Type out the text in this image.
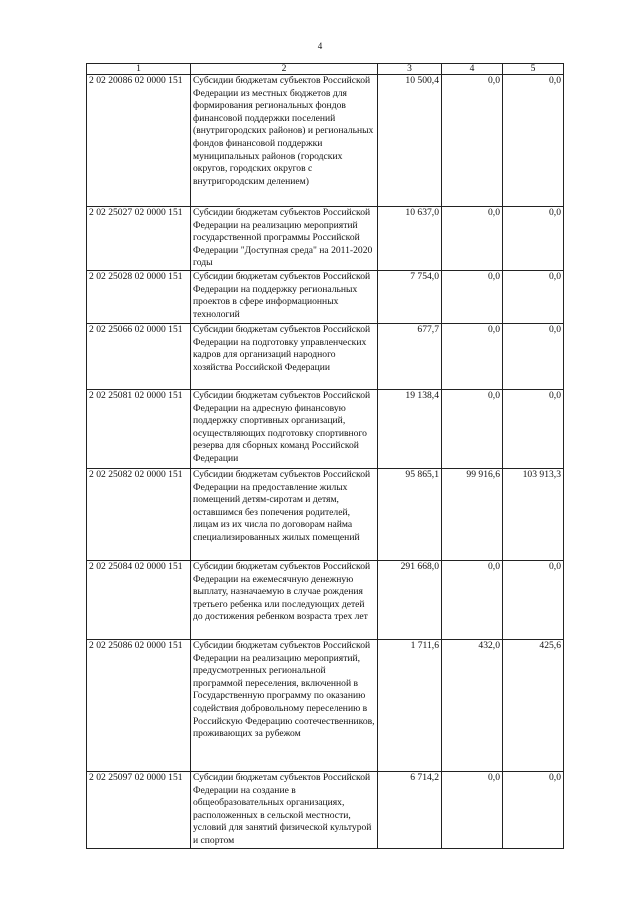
4
1	2	3	4	5
2 02 20086 02 0000 151	Субсидии бюджетам субъектов Российской Федерации из местных бюджетов для формирования региональных фондов финансовой поддержки поселений (внутригородских районов) и региональных фондов финансовой поддержки муниципальных районов (городских округов, городских округов с внутригородским делением)	10 500,4	0,0	0,0
2 02 25027 02 0000 151	Субсидии бюджетам субъектов Российской Федерации на реализацию мероприятий государственной программы Российской Федерации "Доступная среда" на 2011-2020 годы	10 637,0	0,0	0,0
2 02 25028 02 0000 151	Субсидии бюджетам субъектов Российской Федерации на поддержку региональных проектов в сфере информационных технологий	7 754,0	0,0	0,0
2 02 25066 02 0000 151	Субсидии бюджетам субъектов Российской Федерации на подготовку управленческих кадров для организаций народного хозяйства Российской Федерации	677,7	0,0	0,0
2 02 25081 02 0000 151	Субсидии бюджетам субъектов Российской Федерации на адресную финансовую поддержку спортивных организаций, осуществляющих подготовку спортивного резерва для сборных команд Российской Федерации	19 138,4	0,0	0,0
2 02 25082 02 0000 151	Субсидии бюджетам субъектов Российской Федерации на предоставление жилых помещений детям-сиротам и детям, оставшимся без попечения родителей, лицам из их числа по договорам найма специализированных жилых помещений	95 865,1	99 916,6	103 913,3
2 02 25084 02 0000 151	Субсидии бюджетам субъектов Российской Федерации на ежемесячную денежную выплату, назначаемую в случае рождения третьего ребенка или последующих детей до достижения ребенком возраста трех лет	291 668,0	0,0	0,0
2 02 25086 02 0000 151	Субсидии бюджетам субъектов Российской Федерации на реализацию мероприятий, предусмотренных региональной программой переселения, включенной в Государственную программу по оказанию содействия добровольному переселению в Российскую Федерацию соотечественников, проживающих за рубежом	1 711,6	432,0	425,6
2 02 25097 02 0000 151	Субсидии бюджетам субъектов Российской Федерации на создание в общеобразовательных организациях, расположенных в сельской местности, условий для занятий физической культурой и спортом	6 714,2	0,0	0,0
